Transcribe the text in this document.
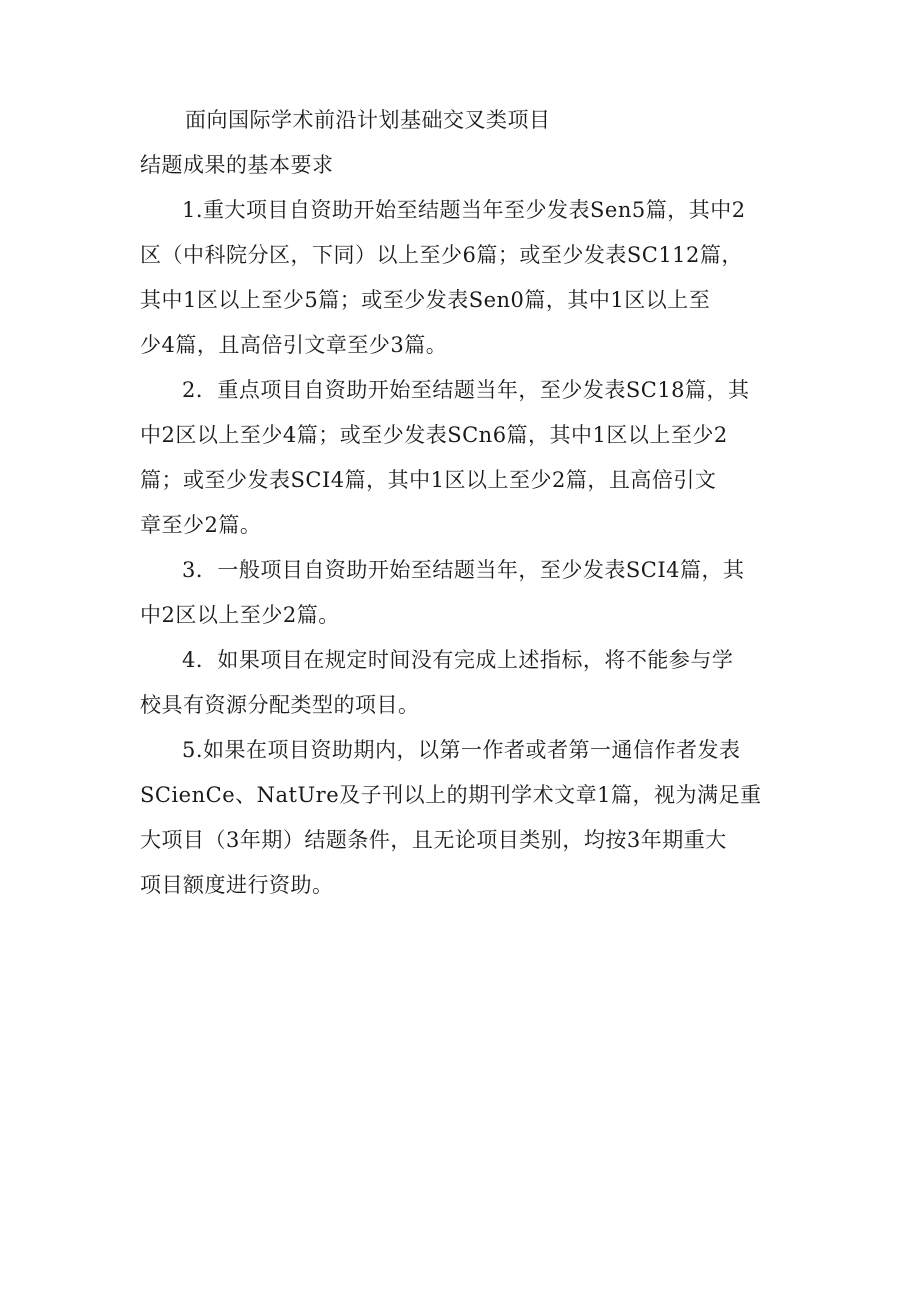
面向国际学术前沿计划基础交叉类项目

结题成果的基本要求

1.重大项目自资助开始至结题当年至少发表Sen5篇，其中2

区（中科院分区，下同）以上至少6篇；或至少发表SC112篇，

其中1区以上至少5篇；或至少发表Sen0篇，其中1区以上至

少4篇，且高倍引文章至少3篇。

2．重点项目自资助开始至结题当年，至少发表SC18篇，其

中2区以上至少4篇；或至少发表SCn6篇，其中1区以上至少2

篇；或至少发表SCI4篇，其中1区以上至少2篇，且高倍引文

章至少2篇。

3．一般项目自资助开始至结题当年，至少发表SCI4篇，其

中2区以上至少2篇。

4．如果项目在规定时间没有完成上述指标，将不能参与学

校具有资源分配类型的项目。

5.如果在项目资助期内，以第一作者或者第一通信作者发表

SCienCe、NatUre及子刊以上的期刊学术文章1篇，视为满足重

大项目（3年期）结题条件，且无论项目类别，均按3年期重大

项目额度进行资助。
